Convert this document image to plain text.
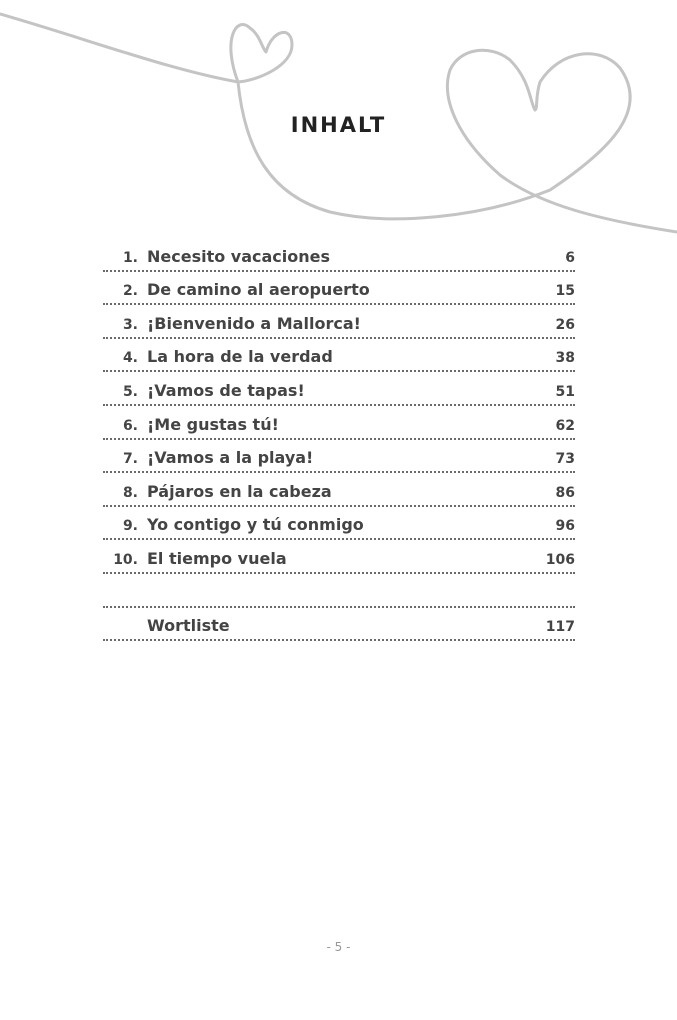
INHALT
1. Necesito vacaciones	6
2. De camino al aeropuerto	15
3. ¡Bienvenido a Mallorca!	26
4. La hora de la verdad	38
5. ¡Vamos de tapas!	51
6. ¡Me gustas tú!	62
7. ¡Vamos a la playa!	73
8. Pájaros en la cabeza	86
9. Yo contigo y tú conmigo	96
10. El tiempo vuela	106
Wortliste	117
- 5 -
